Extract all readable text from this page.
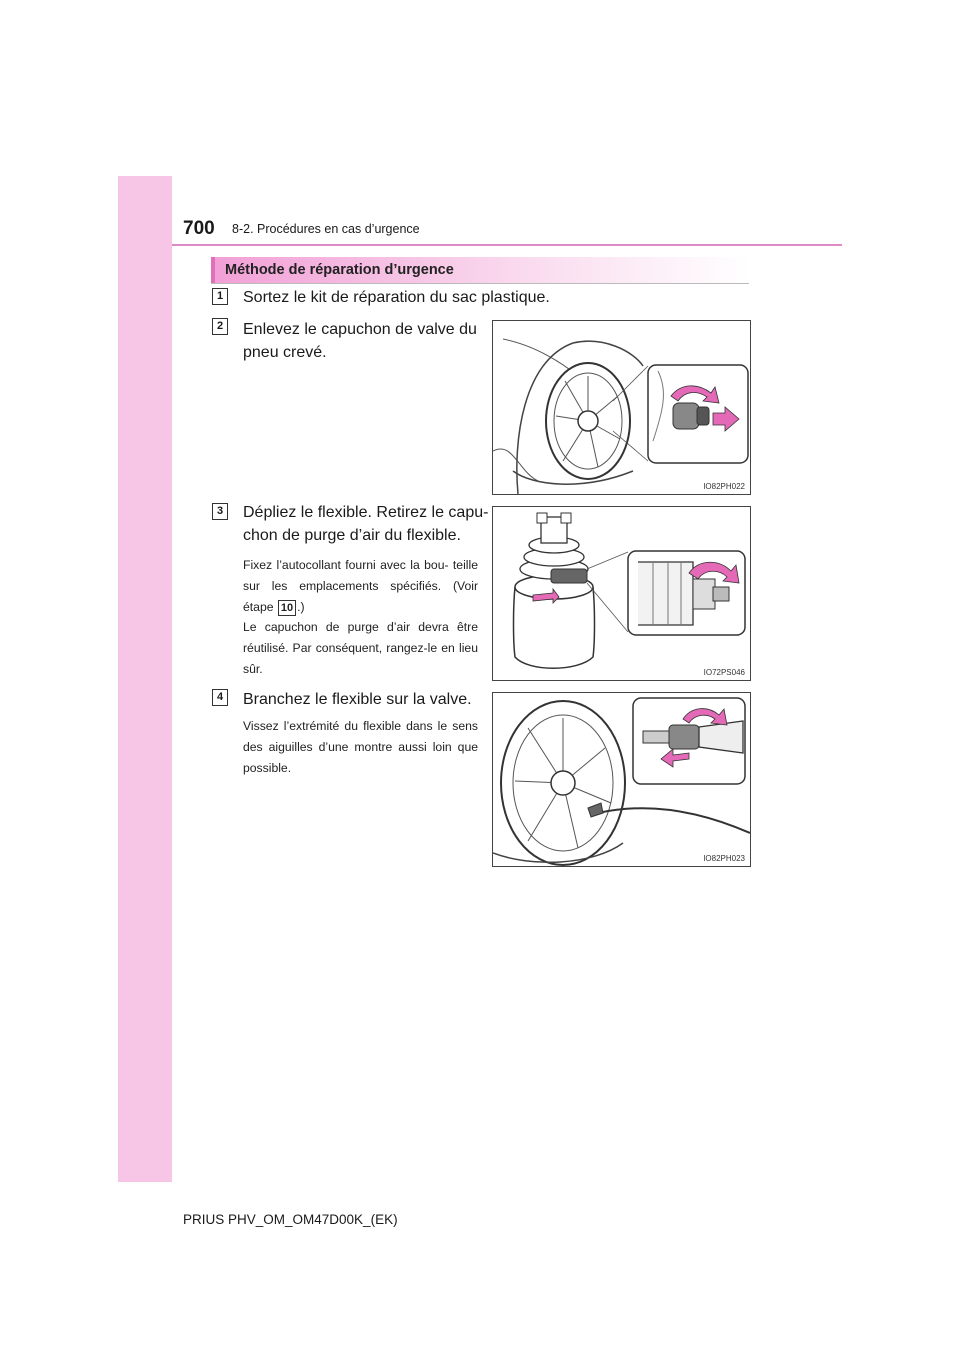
700 8-2. Procédures en cas d’urgence
Méthode de réparation d’urgence
1	Sortez le kit de réparation du sac plastique.
2	Enlevez le capuchon de valve du
pneu crevé.
IO82PH022
3	Dépliez le flexible. Retirez le capu-
chon de purge d’air du flexible.
Fixez l’autocollant fourni avec la bou- teille sur les emplacements spécifiés. (Voir étape 10 .)
Le capuchon de purge d’air devra être réutilisé. Par conséquent, rangez-le en lieu sûr.	IO72PS046
4	Branchez le flexible sur la valve.
Vissez l’extrémité du flexible dans le sens des aiguilles d’une montre aussi loin que possible.
IO82PH023
PRIUS PHV_OM_OM47D00K_(EK)
